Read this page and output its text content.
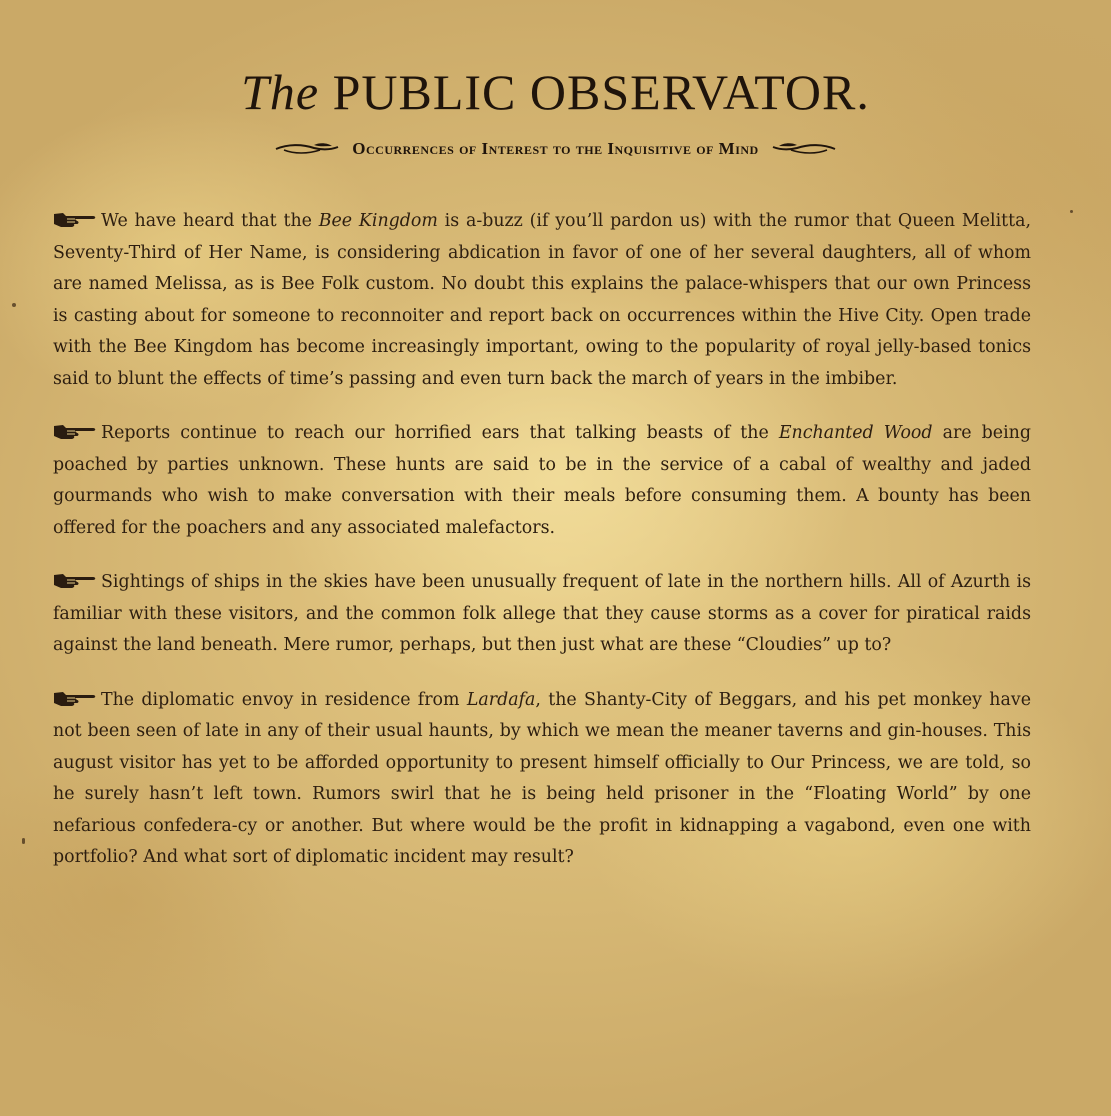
The PUBLIC OBSERVATOR.
Occurrences of Interest to the Inquisitive of Mind

We have heard that the Bee Kingdom is a-buzz (if you’ll pardon us) with the rumor that Queen Melitta, Seventy-Third of Her Name, is considering abdication in favor of one of her several daughters, all of whom are named Melissa, as is Bee Folk custom. No doubt this explains the palace-whispers that our own Princess is casting about for someone to reconnoiter and report back on occurrences within the Hive City. Open trade with the Bee Kingdom has become increasingly important, owing to the popularity of royal jelly-based tonics said to blunt the effects of time’s passing and even turn back the march of years in the imbiber.

Reports continue to reach our horrified ears that talking beasts of the Enchanted Wood are being poached by parties unknown. These hunts are said to be in the service of a cabal of wealthy and jaded gourmands who wish to make conversation with their meals before consuming them. A bounty has been offered for the poachers and any associated malefactors.

Sightings of ships in the skies have been unusually frequent of late in the northern hills. All of Azurth is familiar with these visitors, and the common folk allege that they cause storms as a cover for piratical raids against the land beneath. Mere rumor, perhaps, but then just what are these “Cloudies” up to?

The diplomatic envoy in residence from Lardafa, the Shanty-City of Beggars, and his pet monkey have not been seen of late in any of their usual haunts, by which we mean the meaner taverns and gin-houses. This august visitor has yet to be afforded opportunity to present himself officially to Our Princess, we are told, so he surely hasn’t left town. Rumors swirl that he is being held prisoner in the “Floating World” by one nefarious confedera-cy or another. But where would be the profit in kidnapping a vagabond, even one with portfolio? And what sort of diplomatic incident may result?
